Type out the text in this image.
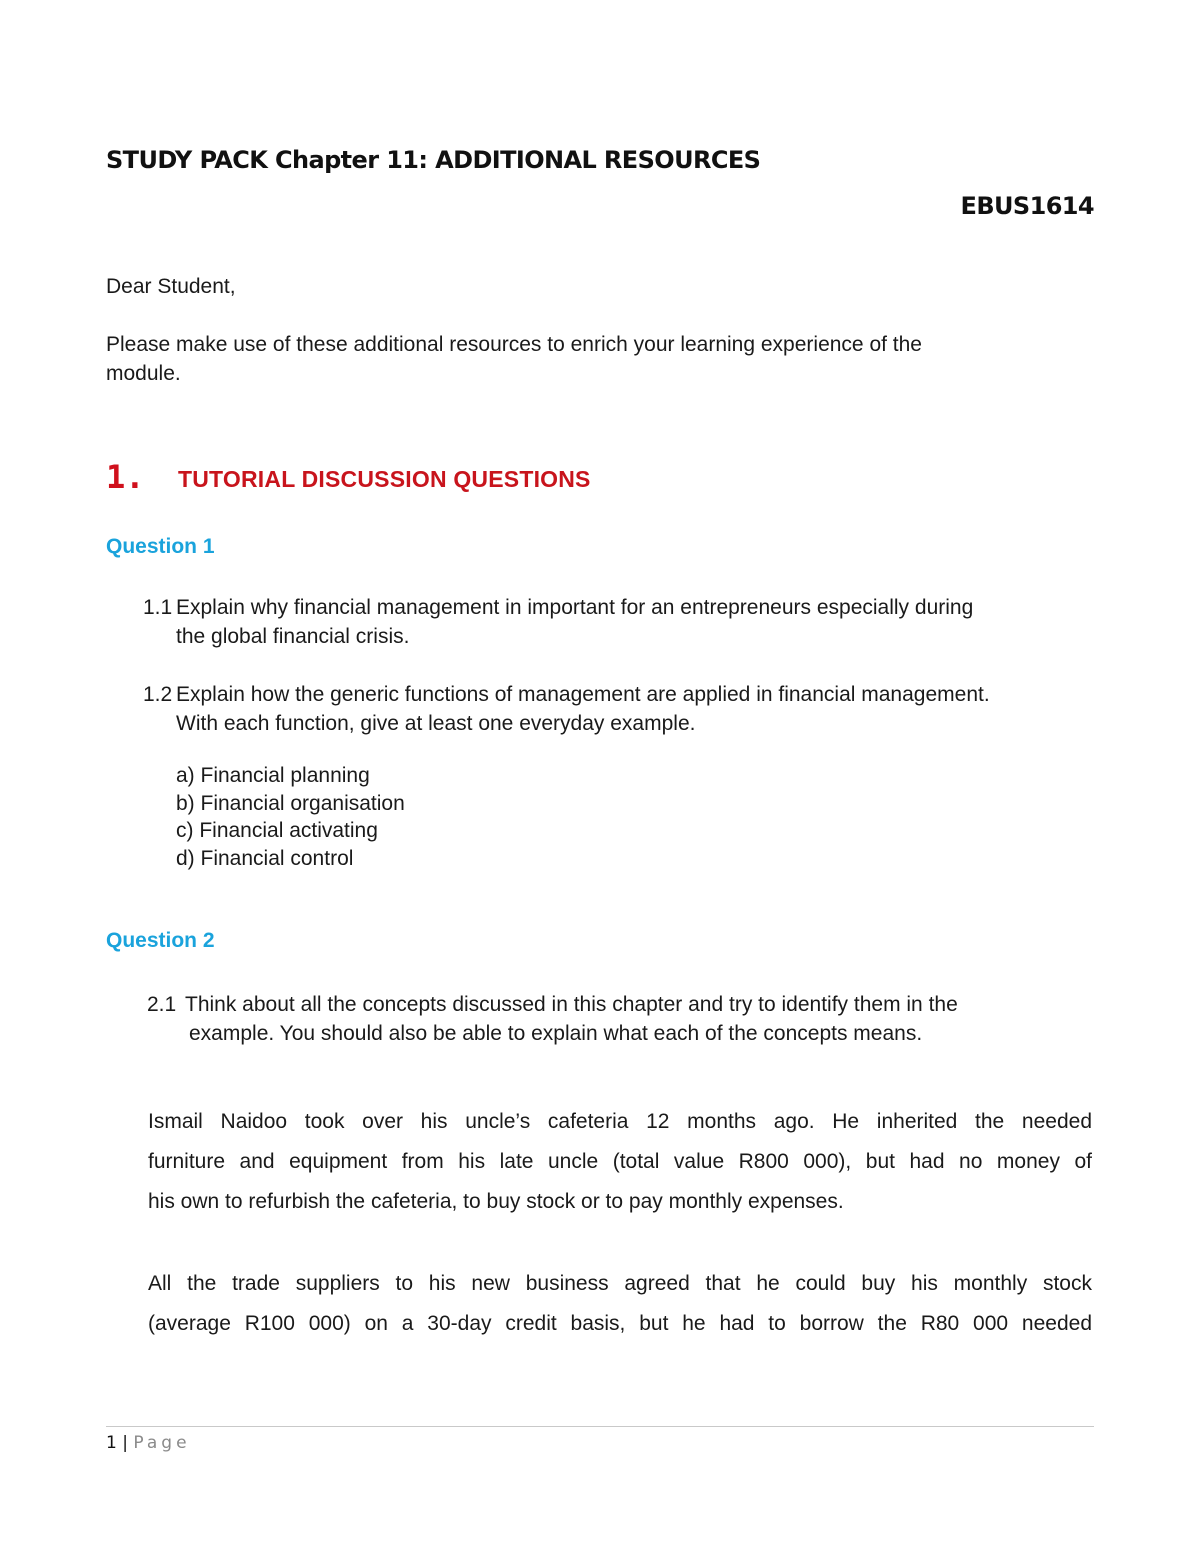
STUDY PACK Chapter 11: ADDITIONAL RESOURCES
EBUS1614

Dear Student,

Please make use of these additional resources to enrich your learning experience of the

module.

1. TUTORIAL DISCUSSION QUESTIONS
Question 1
1.1 Explain why financial management in important for an entrepreneurs especially during
the global financial crisis.
1.2 Explain how the generic functions of management are applied in financial management.
With each function, give at least one everyday example.
a) Financial planning
b) Financial organisation
c) Financial activating
d) Financial control
Question 2
2.1 Think about all the concepts discussed in this chapter and try to identify them in the
example. You should also be able to explain what each of the concepts means.
Ismail Naidoo took over his uncle’s cafeteria 12 months ago. He inherited the needed
furniture and equipment from his late uncle (total value R800 000), but had no money of
his own to refurbish the cafeteria, to buy stock or to pay monthly expenses.
All the trade suppliers to his new business agreed that he could buy his monthly stock
(average R100 000) on a 30-day credit basis, but he had to borrow the R80 000 needed
1 | Page
